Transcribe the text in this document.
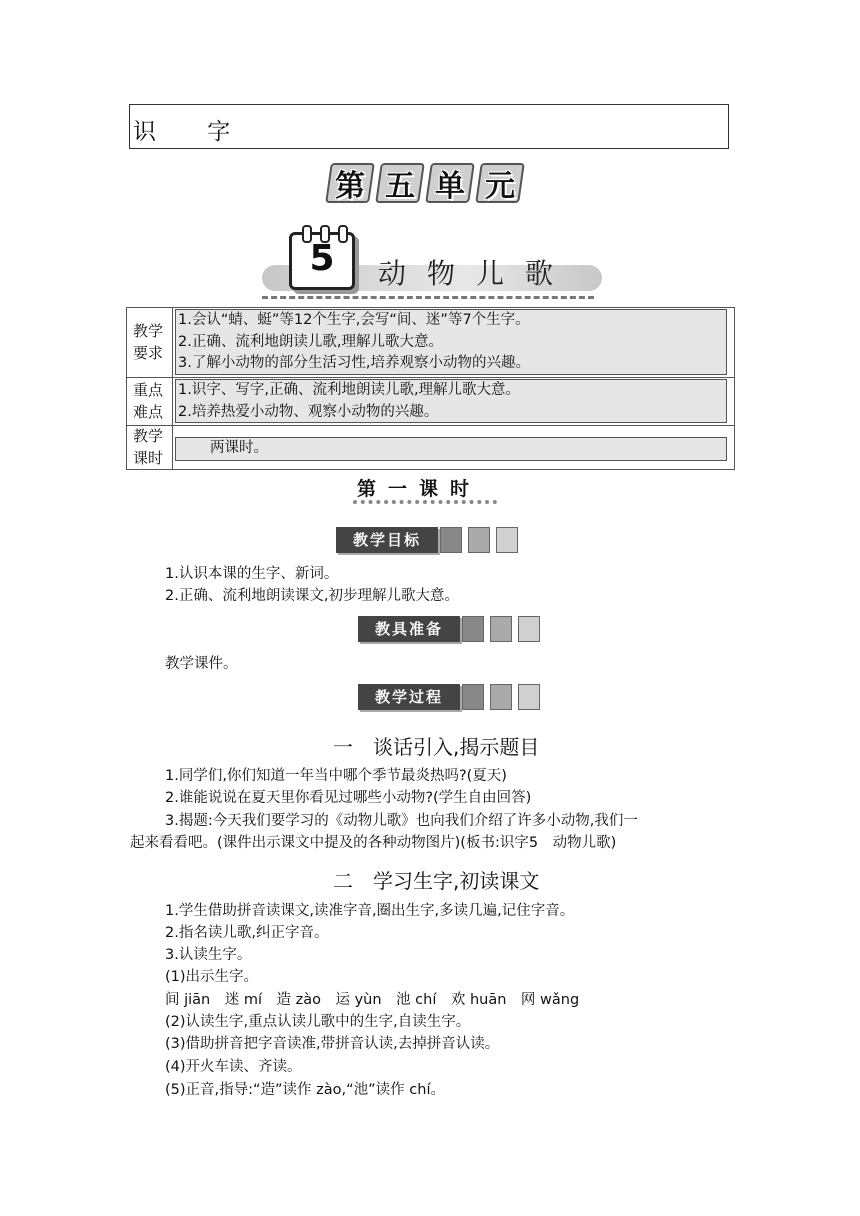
识 字
第 五 单 元
5	动物儿歌
教学
要求
1.会认“蜻、蜓”等12个生字,会写“间、迷”等7个生字。
2.正确、流利地朗读儿歌,理解儿歌大意。
3.了解小动物的部分生活习性,培养观察小动物的兴趣。
重点
难点
1.识字、写字,正确、流利地朗读儿歌,理解儿歌大意。
2.培养热爱小动物、观察小动物的兴趣。
教学
课时
两课时。
第一课时
教学目标
1.认识本课的生字、新词。
2.正确、流利地朗读课文,初步理解儿歌大意。
教具准备
教学课件。
教学过程
一　谈话引入,揭示题目
1.同学们,你们知道一年当中哪个季节最炎热吗?(夏天)
2.谁能说说在夏天里你看见过哪些小动物?(学生自由回答)
3.揭题:今天我们要学习的《动物儿歌》也向我们介绍了许多小动物,我们一
起来看看吧。(课件出示课文中提及的各种动物图片)(板书:识字5　动物儿歌)
二　学习生字,初读课文
1.学生借助拼音读课文,读准字音,圈出生字,多读几遍,记住字音。
2.指名读儿歌,纠正字音。
3.认读生字。
(1)出示生字。
间 jiān　迷 mí　造 zào　运 yùn　池 chí　欢 huān　网 wǎng
(2)认读生字,重点认读儿歌中的生字,自读生字。
(3)借助拼音把字音读准,带拼音认读,去掉拼音认读。
(4)开火车读、齐读。
(5)正音,指导:“造”读作 zào,“池”读作 chí。
